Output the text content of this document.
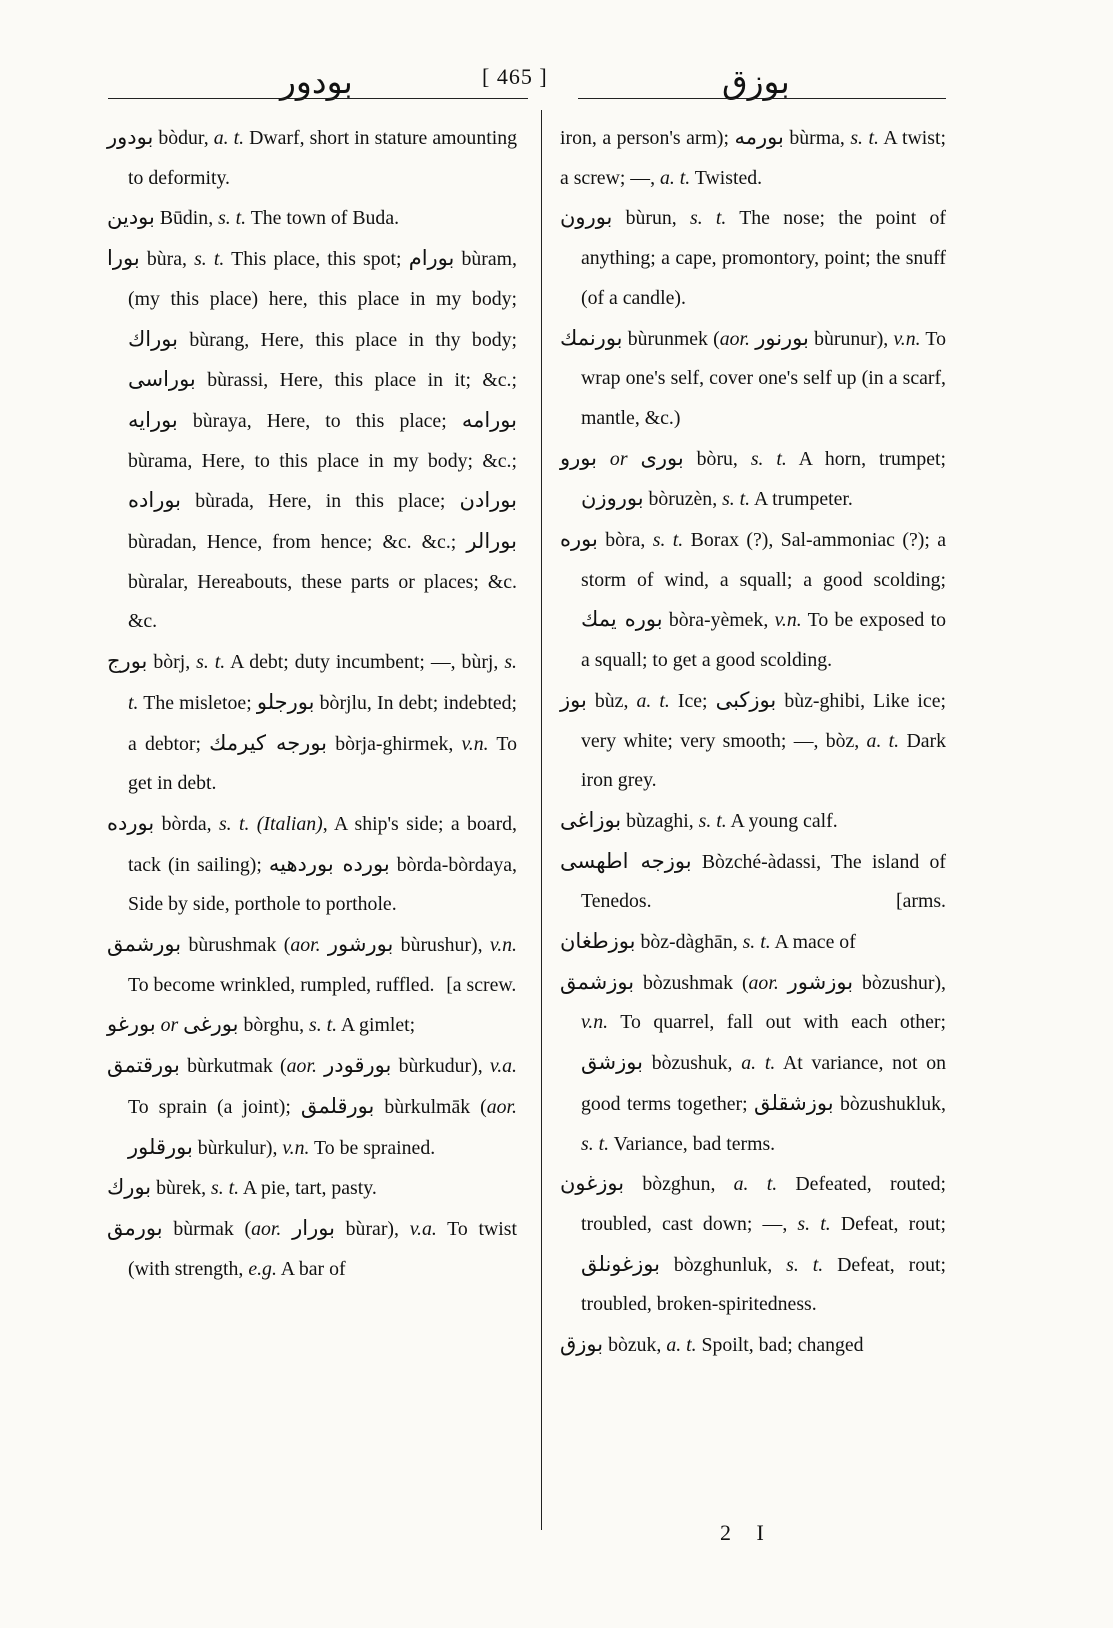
بودور	[ 465 ]	بوزق
بودور bòdur, a. t. Dwarf, short in stature amounting to deformity.
بودين Būdin, s. t. The town of Buda.
بورا bùra, s. t. This place, this spot; بورام bùram, (my this place) here, this place in my body; بوراك bùrang, Here, this place in thy body; بوراسى bùrassi, Here, this place in it; &c.; بورايه bùraya, Here, to this place; بورامه bùrama, Here, to this place in my body; &c.; بوراده bùrada, Here, in this place; بورادن bùradan, Hence, from hence; &c. &c.; بورالر bùralar, Hereabouts, these parts or places; &c. &c.
بورج bòrj, s. t. A debt; duty incumbent; —, bùrj, s. t. The misletoe; بورجلو bòrjlu, In debt; indebted; a debtor; بورجه كيرمك bòrja-ghirmek, v.n. To get in debt.
بورده bòrda, s. t. (Italian), A ship's side; a board, tack (in sailing); بورده بوردهيه bòrda-bòrdaya, Side by side, porthole to porthole.
بورشمق bùrushmak (aor. بورشور bùrushur), v.n. To become wrinkled, rumpled, ruffled. [a screw.
بورغو or بورغى bòrghu, s. t. A gimlet;
بورقتمق bùrkutmak (aor. بورقودر bùrkudur), v.a. To sprain (a joint); بورقلمق bùrkulmāk (aor. بورقلور bùrkulur), v.n. To be sprained.
بورك bùrek, s. t. A pie, tart, pasty.
بورمق bùrmak (aor. بورار bùrar), v.a. To twist (with strength, e.g. A bar of
iron, a person's arm); بورمه bùrma, s. t. A twist; a screw; —, a. t. Twisted.
بورون bùrun, s. t. The nose; the point of anything; a cape, promontory, point; the snuff (of a candle).
بورنمك bùrunmek (aor. بورنور bùrunur), v.n. To wrap one's self, cover one's self up (in a scarf, mantle, &c.)
بورو or بورى bòru, s. t. A horn, trumpet; بوروزن bòruzèn, s. t. A trumpeter.
بوره bòra, s. t. Borax (?), Sal-ammoniac (?); a storm of wind, a squall; a good scolding; بوره يمك bòra-yèmek, v.n. To be exposed to a squall; to get a good scolding.
بوز bùz, a. t. Ice; بوزكبى bùz-ghibi, Like ice; very white; very smooth; —, bòz, a. t. Dark iron grey.
بوزاغى bùzaghi, s. t. A young calf.
بوزجه اطهسى Bòzché-àdassi, The island of Tenedos.	[arms.
بوزطغان bòz-dàghān, s. t. A mace of
بوزشمق bòzushmak (aor. بوزشور bòzushur), v.n. To quarrel, fall out with each other; بوزشق bòzushuk, a. t. At variance, not on good terms together; بوزشقلق bòzushukluk, s. t. Variance, bad terms.
بوزغون bòzghun, a. t. Defeated, routed; troubled, cast down; —, s. t. Defeat, rout; بوزغونلق bòzghunluk, s. t. Defeat, rout; troubled, broken-spiritedness.
بوزق bòzuk, a. t. Spoilt, bad; changed
2 I
